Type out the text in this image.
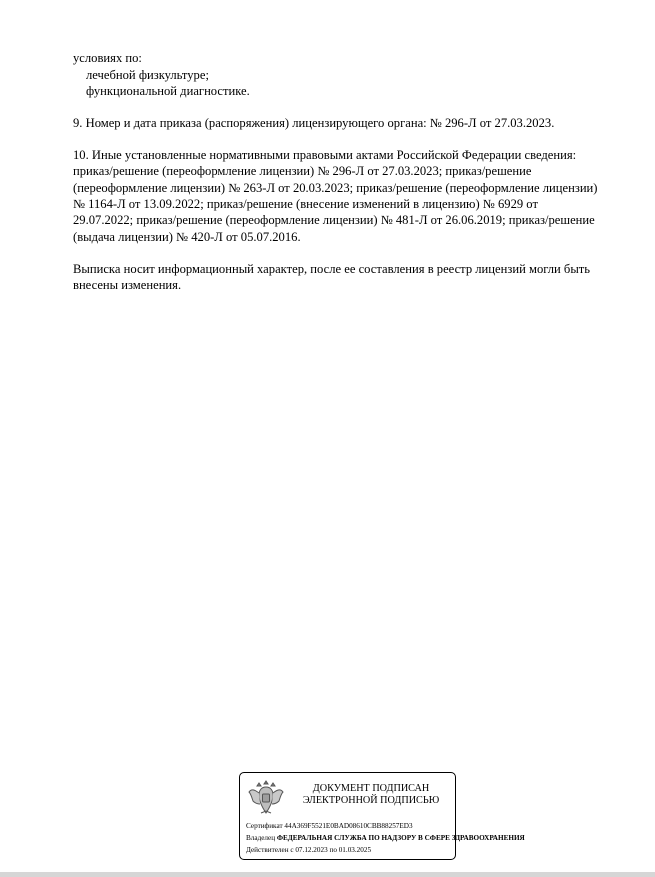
условиях по:
лечебной физкультуре;
функциональной диагностике.
9. Номер и дата приказа (распоряжения) лицензирующего органа: № 296-Л от 27.03.2023.
10. Иные установленные нормативными правовыми актами Российской Федерации сведения:
приказ/решение (переоформление лицензии) № 296-Л от 27.03.2023; приказ/решение
(переоформление лицензии) № 263-Л от 20.03.2023; приказ/решение (переоформление лицензии)
№ 1164-Л от 13.09.2022; приказ/решение (внесение изменений в лицензию) № 6929 от
29.07.2022; приказ/решение (переоформление лицензии) № 481-Л от 26.06.2019; приказ/решение
(выдача лицензии) № 420-Л от 05.07.2016.
Выписка носит информационный характер, после ее составления в реестр лицензий могли быть
внесены изменения.
ДОКУМЕНТ ПОДПИСАН
ЭЛЕКТРОННОЙ ПОДПИСЬЮ
Сертификат 44A369F5521E0BAD08610CBB88257ED3
Владелец ФЕДЕРАЛЬНАЯ СЛУЖБА ПО НАДЗОРУ В СФЕРЕ ЗДРАВООХРАНЕНИЯ
Действителен с 07.12.2023 по 01.03.2025
